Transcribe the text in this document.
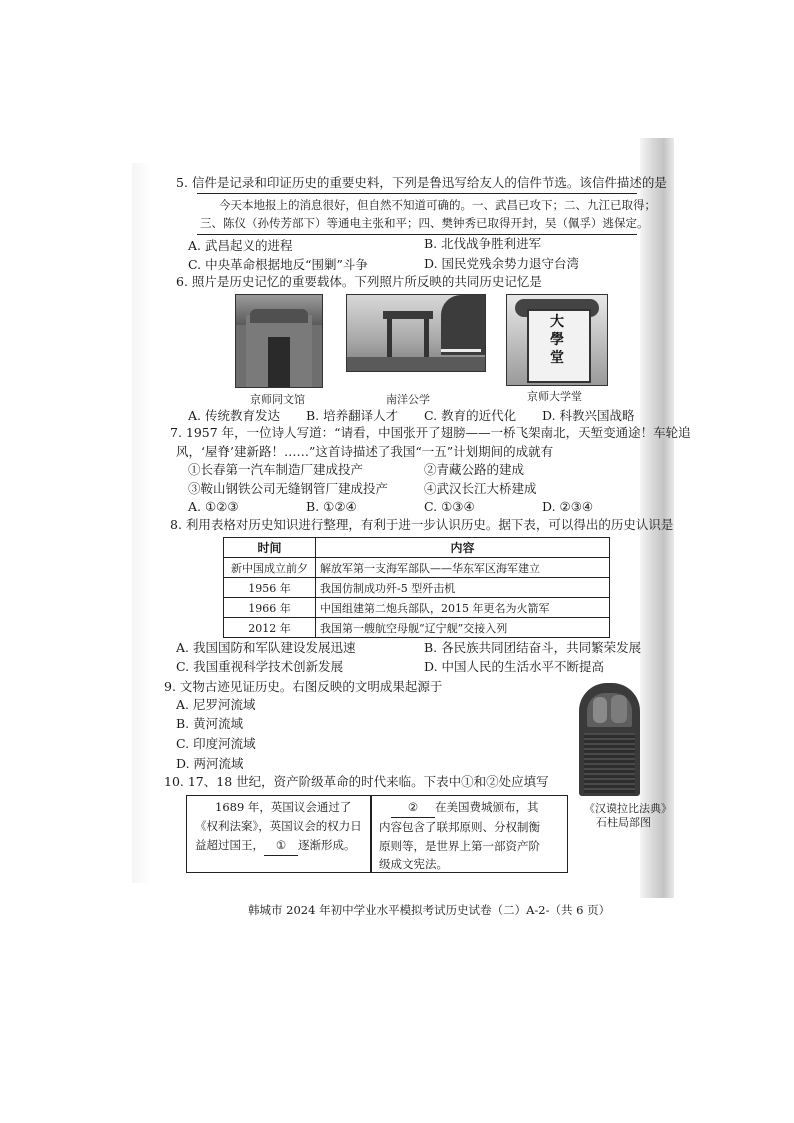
5. 信件是记录和印证历史的重要史料，下列是鲁迅写给友人的信件节选。该信件描述的是
今天本地报上的消息很好，但自然不知道可确的。一、武昌已攻下；二、九江已取得；
三、陈仪（孙传芳部下）等通电主张和平；四、樊钟秀已取得开封，吴（佩孚）逃保定。
A. 武昌起义的进程	B. 北伐战争胜利进军
C. 中央革命根据地反“围剿”斗争	D. 国民党残余势力退守台湾
6. 照片是历史记忆的重要载体。下列照片所反映的共同历史记忆是
大學堂
京师同文馆	南洋公学	京师大学堂
A. 传统教育发达 B. 培养翻译人才 C. 教育的近代化 D. 科教兴国战略
7. 1957 年，一位诗人写道：“请看，中国张开了翅膀——一桥飞架南北，天堑变通途！车轮追
风，‘屋脊’建新路！……”这首诗描述了我国“一五”计划期间的成就有
①长春第一汽车制造厂建成投产	②青藏公路的建成
③鞍山钢铁公司无缝钢管厂建成投产	④武汉长江大桥建成
A. ①②③	B. ①②④	C. ①③④	D. ②③④
8. 利用表格对历史知识进行整理，有利于进一步认识历史。据下表，可以得出的历史认识是
时间	内容
新中国成立前夕	解放军第一支海军部队——华东军区海军建立
1956 年	我国仿制成功歼-5 型歼击机
1966 年	中国组建第二炮兵部队，2015 年更名为火箭军
2012 年	我国第一艘航空母舰“辽宁舰”交接入列
A. 我国国防和军队建设发展迅速	B. 各民族共同团结奋斗，共同繁荣发展
C. 我国重视科学技术创新发展	D. 中国人民的生活水平不断提高
9. 文物古迹见证历史。右图反映的文明成果起源于
A. 尼罗河流域
B. 黄河流域
C. 印度河流域
D. 两河流域
《汉谟拉比法典》
石柱局部图
10. 17、18 世纪，资产阶级革命的时代来临。下表中①和②处应填写
1689 年，英国议会通过了
《权利法案》，英国议会的权力日
益超过国王， ① 逐渐形成。
② 在美国费城颁布，其
内容包含了联邦原则、分权制衡
原则等，是世界上第一部资产阶
级成文宪法。
韩城市 2024 年初中学业水平模拟考试历史试卷（二）A-2-（共 6 页）
